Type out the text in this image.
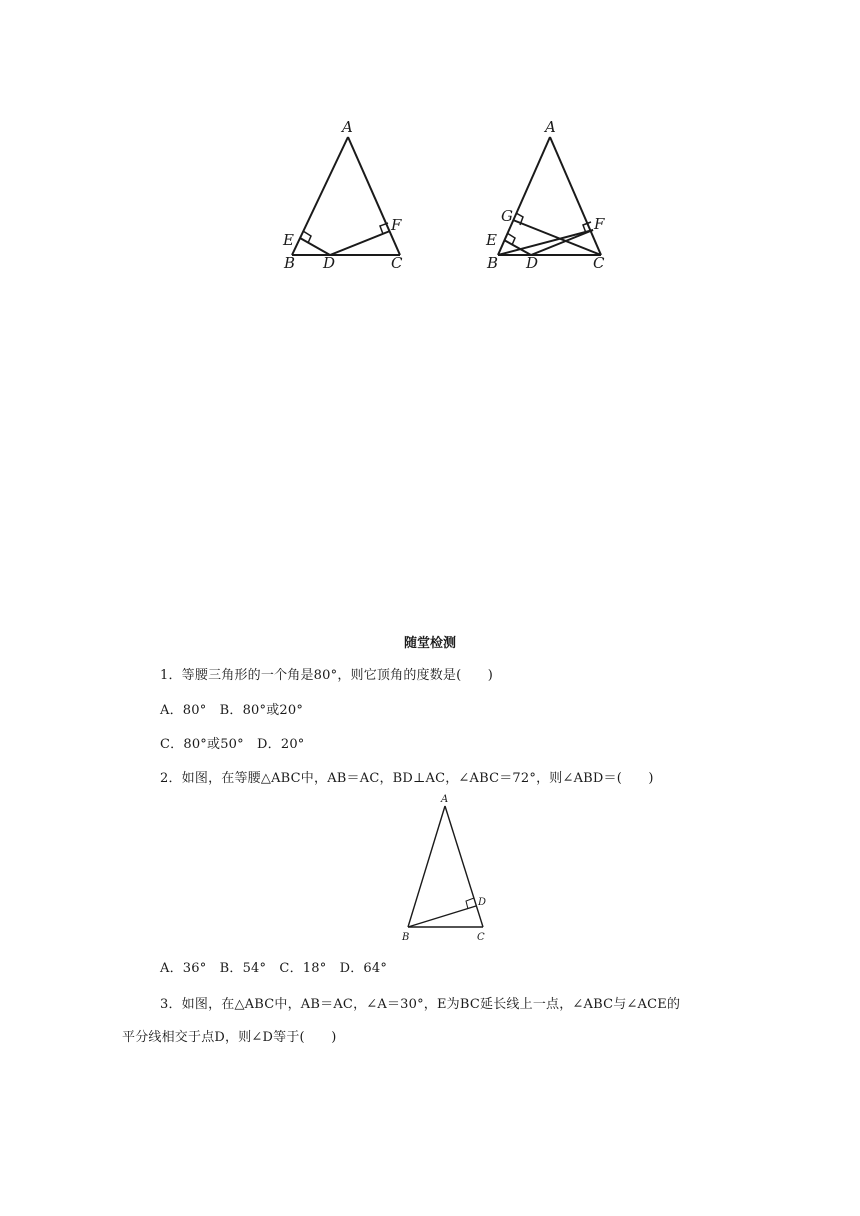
A
B	C
D
E
F
A
B	C
D
E
G	F
随堂检测
1．等腰三角形的一个角是80°，则它顶角的度数是(　　)
A．80°　B．80°或20°
C．80°或50°　D．20°
2．如图，在等腰△ABC中，AB＝AC，BD⊥AC，∠ABC＝72°，则∠ABD＝(　　)
A
B	C
D
A．36°　B．54°　C．18°　D．64°
3．如图，在△ABC中，AB＝AC，∠A＝30°，E为BC延长线上一点，∠ABC与∠ACE的
平分线相交于点D，则∠D等于(　　)
